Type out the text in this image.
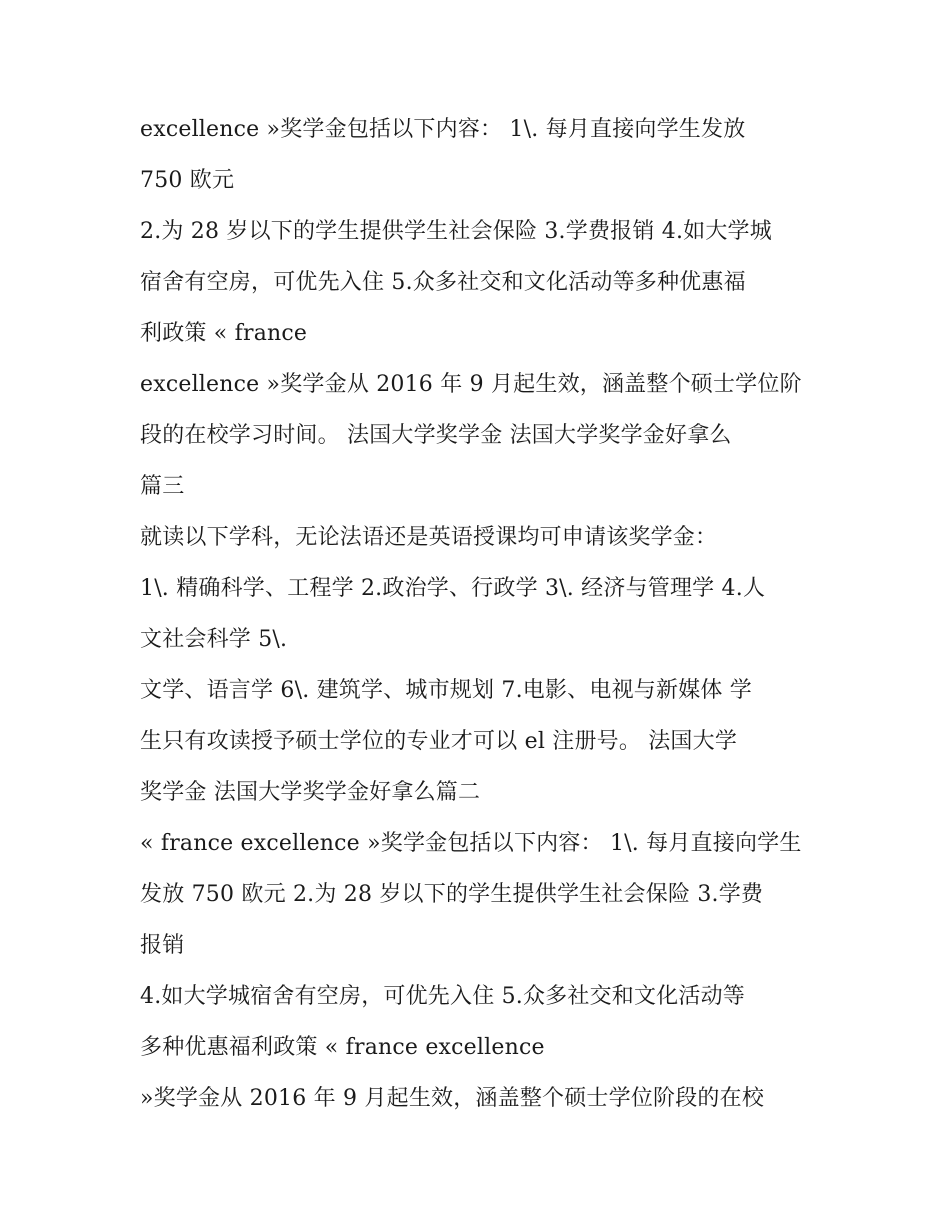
excellence »奖学金包括以下内容： 1\. 每月直接向学生发放
750 欧元
2.为 28 岁以下的学生提供学生社会保险 3.学费报销 4.如大学城
宿舍有空房，可优先入住 5.众多社交和文化活动等多种优惠福
利政策 « france
excellence »奖学金从 2016 年 9 月起生效，涵盖整个硕士学位阶
段的在校学习时间。 法国大学奖学金 法国大学奖学金好拿么
篇三
就读以下学科，无论法语还是英语授课均可申请该奖学金：
1\. 精确科学、工程学 2.政治学、行政学 3\. 经济与管理学 4.人
文社会科学 5\.
文学、语言学 6\. 建筑学、城市规划 7.电影、电视与新媒体 学
生只有攻读授予硕士学位的专业才可以 el 注册号。 法国大学
奖学金 法国大学奖学金好拿么篇二
« france excellence »奖学金包括以下内容： 1\. 每月直接向学生
发放 750 欧元 2.为 28 岁以下的学生提供学生社会保险 3.学费
报销
4.如大学城宿舍有空房，可优先入住 5.众多社交和文化活动等
多种优惠福利政策 « france excellence
»奖学金从 2016 年 9 月起生效，涵盖整个硕士学位阶段的在校
